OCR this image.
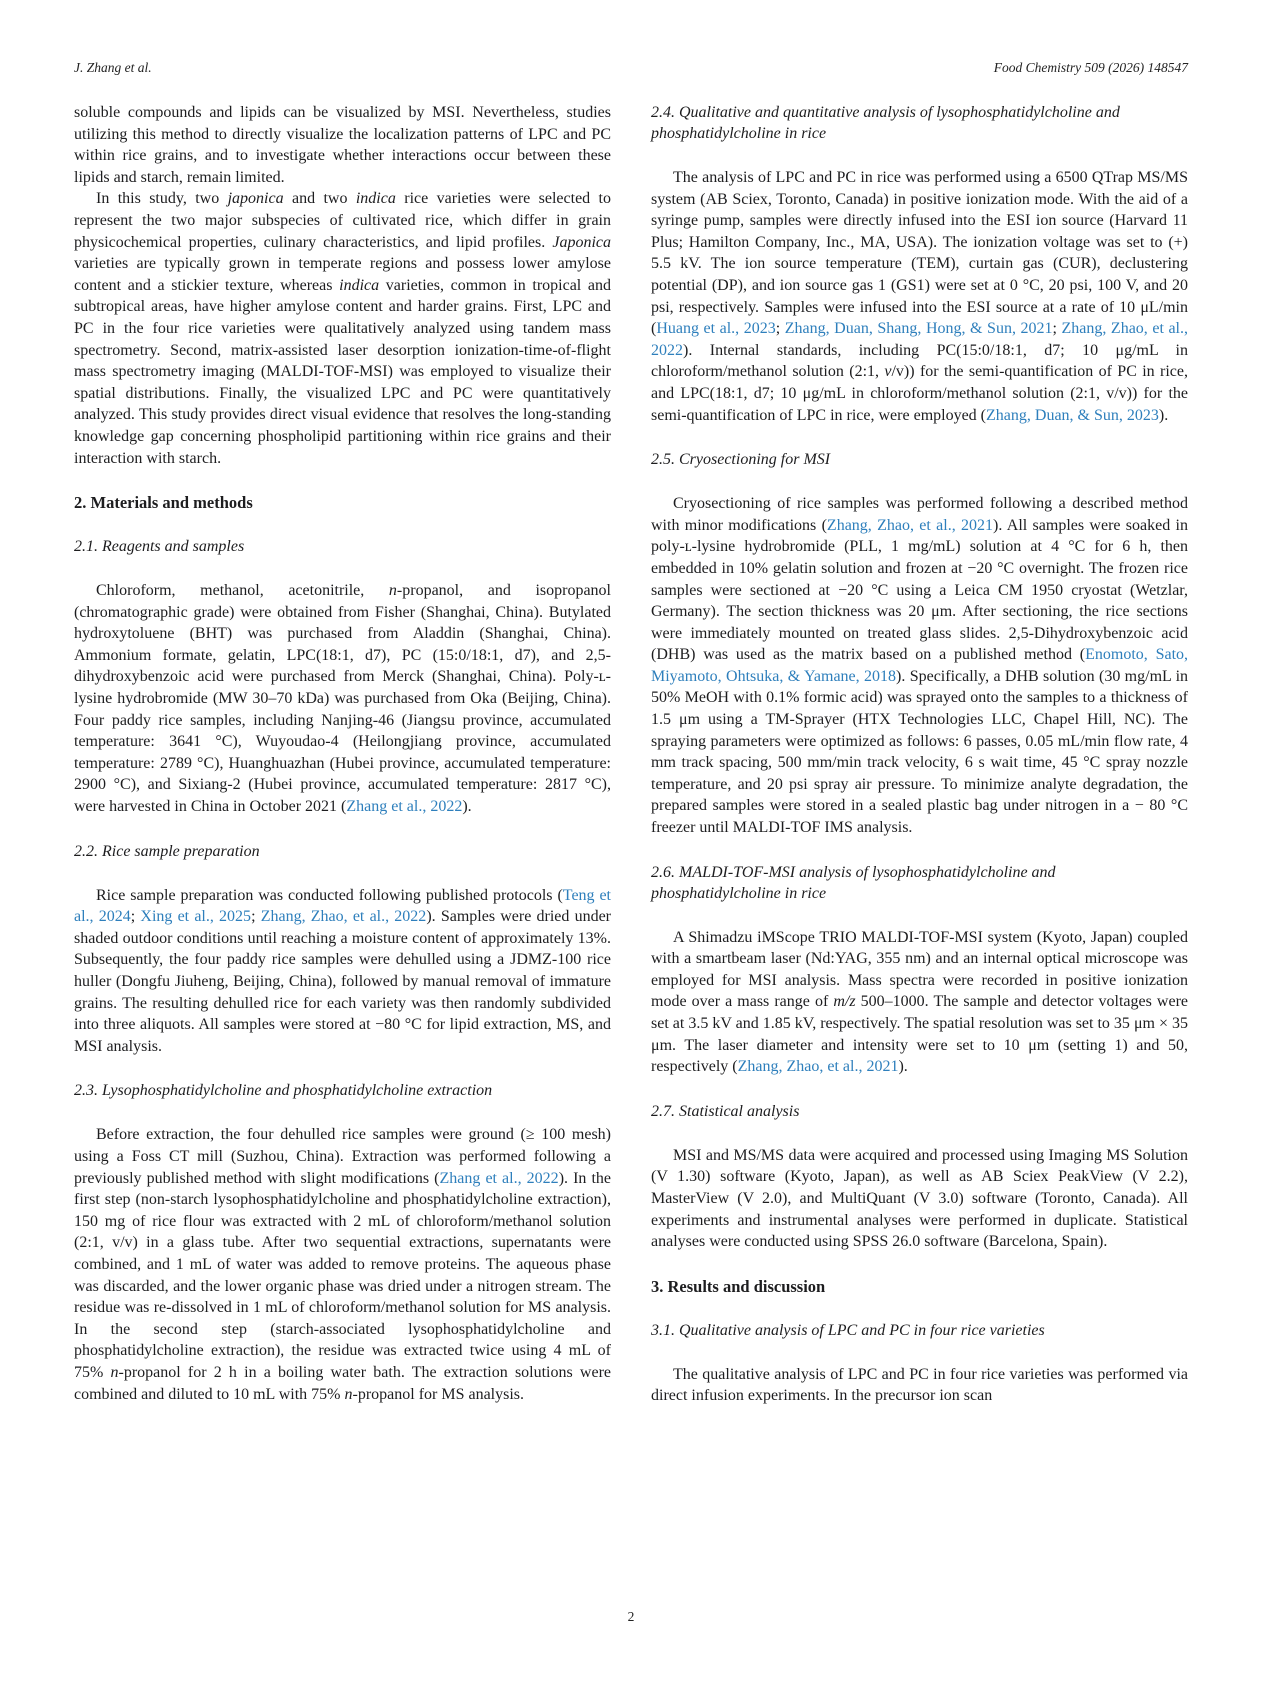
J. Zhang et al.	Food Chemistry 509 (2026) 148547

soluble compounds and lipids can be visualized by MSI. Nevertheless, studies utilizing this method to directly visualize the localization patterns of LPC and PC within rice grains, and to investigate whether interactions occur between these lipids and starch, remain limited.

In this study, two japonica and two indica rice varieties were selected to represent the two major subspecies of cultivated rice, which differ in grain physicochemical properties, culinary characteristics, and lipid profiles. Japonica varieties are typically grown in temperate regions and possess lower amylose content and a stickier texture, whereas indica varieties, common in tropical and subtropical areas, have higher amylose content and harder grains. First, LPC and PC in the four rice varieties were qualitatively analyzed using tandem mass spectrometry. Second, matrix-assisted laser desorption ionization-time-of-flight mass spectrometry imaging (MALDI-TOF-MSI) was employed to visualize their spatial distributions. Finally, the visualized LPC and PC were quantitatively analyzed. This study provides direct visual evidence that resolves the long-standing knowledge gap concerning phospholipid partitioning within rice grains and their interaction with starch.

2. Materials and methods
2.1. Reagents and samples

Chloroform, methanol, acetonitrile, n-propanol, and isopropanol (chromatographic grade) were obtained from Fisher (Shanghai, China). Butylated hydroxytoluene (BHT) was purchased from Aladdin (Shanghai, China). Ammonium formate, gelatin, LPC(18:1, d7), PC (15:0/18:1, d7), and 2,5-dihydroxybenzoic acid were purchased from Merck (Shanghai, China). Poly-ʟ-lysine hydrobromide (MW 30–70 kDa) was purchased from Oka (Beijing, China). Four paddy rice samples, including Nanjing-46 (Jiangsu province, accumulated temperature: 3641 °C), Wuyoudao-4 (Heilongjiang province, accumulated temperature: 2789 °C), Huanghuazhan (Hubei province, accumulated temperature: 2900 °C), and Sixiang-2 (Hubei province, accumulated temperature: 2817 °C), were harvested in China in October 2021 (Zhang et al., 2022).

2.2. Rice sample preparation

Rice sample preparation was conducted following published protocols (Teng et al., 2024; Xing et al., 2025; Zhang, Zhao, et al., 2022). Samples were dried under shaded outdoor conditions until reaching a moisture content of approximately 13%. Subsequently, the four paddy rice samples were dehulled using a JDMZ-100 rice huller (Dongfu Jiuheng, Beijing, China), followed by manual removal of immature grains. The resulting dehulled rice for each variety was then randomly subdivided into three aliquots. All samples were stored at −80 °C for lipid extraction, MS, and MSI analysis.

2.3. Lysophosphatidylcholine and phosphatidylcholine extraction

Before extraction, the four dehulled rice samples were ground (≥ 100 mesh) using a Foss CT mill (Suzhou, China). Extraction was performed following a previously published method with slight modifications (Zhang et al., 2022). In the first step (non-starch lysophosphatidylcholine and phosphatidylcholine extraction), 150 mg of rice flour was extracted with 2 mL of chloroform/methanol solution (2:1, v/v) in a glass tube. After two sequential extractions, supernatants were combined, and 1 mL of water was added to remove proteins. The aqueous phase was discarded, and the lower organic phase was dried under a nitrogen stream. The residue was re-dissolved in 1 mL of chloroform/methanol solution for MS analysis. In the second step (starch-associated lysophosphatidylcholine and phosphatidylcholine extraction), the residue was extracted twice using 4 mL of 75% n-propanol for 2 h in a boiling water bath. The extraction solutions were combined and diluted to 10 mL with 75% n-propanol for MS analysis.

2.4. Qualitative and quantitative analysis of lysophosphatidylcholine and phosphatidylcholine in rice

The analysis of LPC and PC in rice was performed using a 6500 QTrap MS/MS system (AB Sciex, Toronto, Canada) in positive ionization mode. With the aid of a syringe pump, samples were directly infused into the ESI ion source (Harvard 11 Plus; Hamilton Company, Inc., MA, USA). The ionization voltage was set to (+) 5.5 kV. The ion source temperature (TEM), curtain gas (CUR), declustering potential (DP), and ion source gas 1 (GS1) were set at 0 °C, 20 psi, 100 V, and 20 psi, respectively. Samples were infused into the ESI source at a rate of 10 μL/min (Huang et al., 2023; Zhang, Duan, Shang, Hong, & Sun, 2021; Zhang, Zhao, et al., 2022). Internal standards, including PC(15:0/18:1, d7; 10 μg/mL in chloroform/methanol solution (2:1, v/v)) for the semi-quantification of PC in rice, and LPC(18:1, d7; 10 μg/mL in chloroform/methanol solution (2:1, v/v)) for the semi-quantification of LPC in rice, were employed (Zhang, Duan, & Sun, 2023).

2.5. Cryosectioning for MSI

Cryosectioning of rice samples was performed following a described method with minor modifications (Zhang, Zhao, et al., 2021). All samples were soaked in poly-ʟ-lysine hydrobromide (PLL, 1 mg/mL) solution at 4 °C for 6 h, then embedded in 10% gelatin solution and frozen at −20 °C overnight. The frozen rice samples were sectioned at −20 °C using a Leica CM 1950 cryostat (Wetzlar, Germany). The section thickness was 20 μm. After sectioning, the rice sections were immediately mounted on treated glass slides. 2,5-Dihydroxybenzoic acid (DHB) was used as the matrix based on a published method (Enomoto, Sato, Miyamoto, Ohtsuka, & Yamane, 2018). Specifically, a DHB solution (30 mg/mL in 50% MeOH with 0.1% formic acid) was sprayed onto the samples to a thickness of 1.5 μm using a TM-Sprayer (HTX Technologies LLC, Chapel Hill, NC). The spraying parameters were optimized as follows: 6 passes, 0.05 mL/min flow rate, 4 mm track spacing, 500 mm/min track velocity, 6 s wait time, 45 °C spray nozzle temperature, and 20 psi spray air pressure. To minimize analyte degradation, the prepared samples were stored in a sealed plastic bag under nitrogen in a − 80 °C freezer until MALDI-TOF IMS analysis.

2.6. MALDI-TOF-MSI analysis of lysophosphatidylcholine and phosphatidylcholine in rice

A Shimadzu iMScope TRIO MALDI-TOF-MSI system (Kyoto, Japan) coupled with a smartbeam laser (Nd:YAG, 355 nm) and an internal optical microscope was employed for MSI analysis. Mass spectra were recorded in positive ionization mode over a mass range of m/z 500–1000. The sample and detector voltages were set at 3.5 kV and 1.85 kV, respectively. The spatial resolution was set to 35 μm × 35 μm. The laser diameter and intensity were set to 10 μm (setting 1) and 50, respectively (Zhang, Zhao, et al., 2021).

2.7. Statistical analysis

MSI and MS/MS data were acquired and processed using Imaging MS Solution (V 1.30) software (Kyoto, Japan), as well as AB Sciex PeakView (V 2.2), MasterView (V 2.0), and MultiQuant (V 3.0) software (Toronto, Canada). All experiments and instrumental analyses were performed in duplicate. Statistical analyses were conducted using SPSS 26.0 software (Barcelona, Spain).

3. Results and discussion
3.1. Qualitative analysis of LPC and PC in four rice varieties

The qualitative analysis of LPC and PC in four rice varieties was performed via direct infusion experiments. In the precursor ion scan

2
